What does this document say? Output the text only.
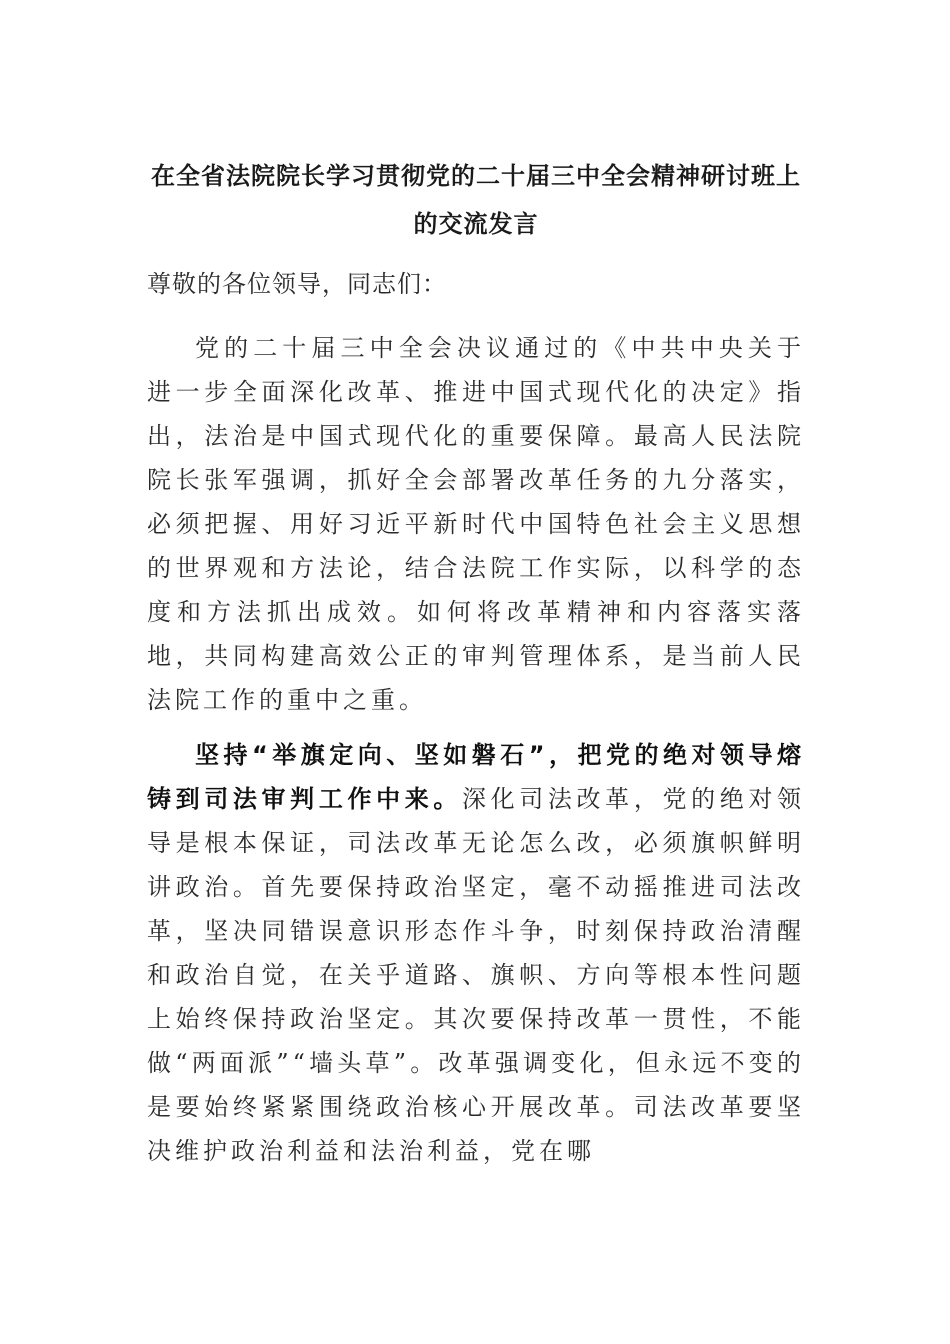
在全省法院院长学习贯彻党的二十届三中全会精神研讨班上的交流发言

尊敬的各位领导，同志们：

党的二十届三中全会决议通过的《中共中央关于进一步全面深化改革、推进中国式现代化的决定》指出，法治是中国式现代化的重要保障。最高人民法院院长张军强调，抓好全会部署改革任务的九分落实，必须把握、用好习近平新时代中国特色社会主义思想的世界观和方法论，结合法院工作实际，以科学的态度和方法抓出成效。如何将改革精神和内容落实落地，共同构建高效公正的审判管理体系，是当前人民法院工作的重中之重。

坚持“举旗定向、坚如磐石”，把党的绝对领导熔铸到司法审判工作中来。深化司法改革，党的绝对领导是根本保证，司法改革无论怎么改，必须旗帜鲜明讲政治。首先要保持政治坚定，毫不动摇推进司法改革，坚决同错误意识形态作斗争，时刻保持政治清醒和政治自觉，在关乎道路、旗帜、方向等根本性问题上始终保持政治坚定。其次要保持改革一贯性，不能做“两面派”“墙头草”。改革强调变化，但永远不变的是要始终紧紧围绕政治核心开展改革。司法改革要坚决维护政治利益和法治利益，党在哪
